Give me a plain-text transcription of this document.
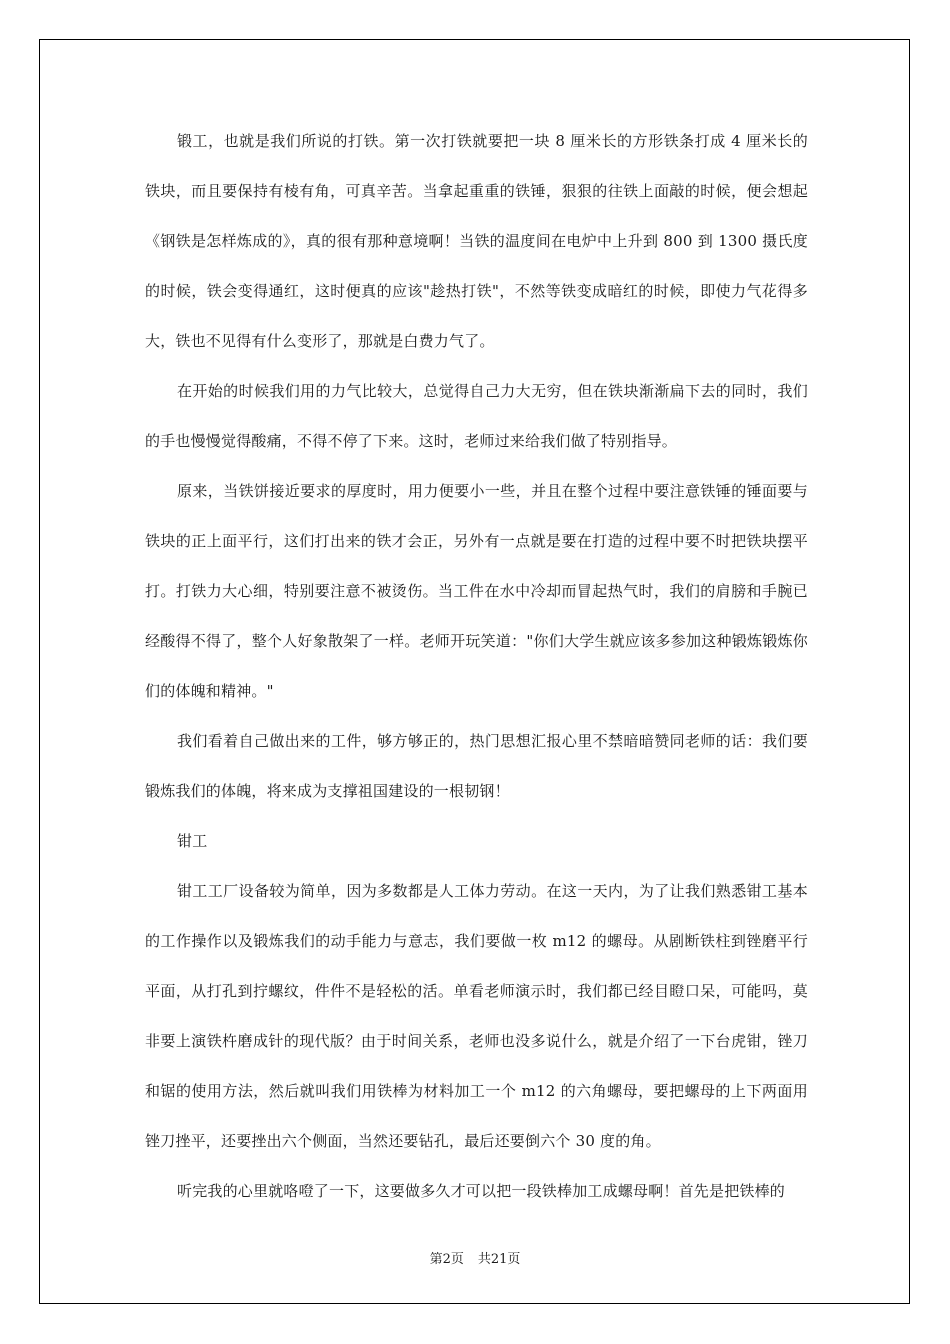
锻工，也就是我们所说的打铁。第一次打铁就要把一块 8 厘米长的方形铁条打成 4 厘米长的铁块，而且要保持有棱有角，可真辛苦。当拿起重重的铁锤，狠狠的往铁上面敲的时候，便会想起《钢铁是怎样炼成的》，真的很有那种意境啊！当铁的温度间在电炉中上升到 800 到 1300 摄氏度的时候，铁会变得通红，这时便真的应该"趁热打铁"，不然等铁变成暗红的时候，即使力气花得多大，铁也不见得有什么变形了，那就是白费力气了。

在开始的时候我们用的力气比较大，总觉得自己力大无穷，但在铁块渐渐扁下去的同时，我们的手也慢慢觉得酸痛，不得不停了下来。这时，老师过来给我们做了特别指导。

原来，当铁饼接近要求的厚度时，用力便要小一些，并且在整个过程中要注意铁锤的锤面要与铁块的正上面平行，这们打出来的铁才会正，另外有一点就是要在打造的过程中要不时把铁块摆平打。打铁力大心细，特别要注意不被烫伤。当工件在水中冷却而冒起热气时，我们的肩膀和手腕已经酸得不得了，整个人好象散架了一样。老师开玩笑道："你们大学生就应该多参加这种锻炼锻炼你们的体魄和精神。"

我们看着自己做出来的工件，够方够正的，热门思想汇报心里不禁暗暗赞同老师的话：我们要锻炼我们的体魄，将来成为支撑祖国建设的一根韧钢！

钳工

钳工工厂设备较为简单，因为多数都是人工体力劳动。在这一天内，为了让我们熟悉钳工基本的工作操作以及锻炼我们的动手能力与意志，我们要做一枚 m12 的螺母。从剧断铁柱到锉磨平行平面，从打孔到拧螺纹，件件不是轻松的活。单看老师演示时，我们都已经目瞪口呆，可能吗，莫非要上演铁杵磨成针的现代版？由于时间关系，老师也没多说什么，就是介绍了一下台虎钳，锉刀和锯的使用方法，然后就叫我们用铁棒为材料加工一个 m12 的六角螺母，要把螺母的上下两面用锉刀挫平，还要挫出六个侧面，当然还要钻孔，最后还要倒六个 30 度的角。

听完我的心里就咯噔了一下，这要做多久才可以把一段铁棒加工成螺母啊！首先是把铁棒的

第2页 共21页
